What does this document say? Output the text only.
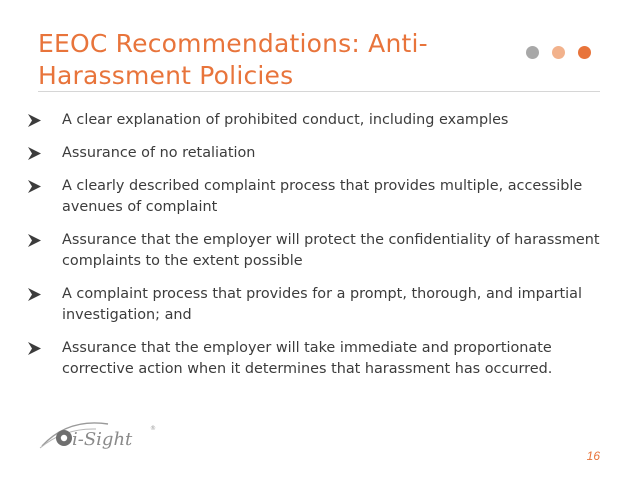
EEOC Recommendations: Anti-Harassment Policies
A clear explanation of prohibited conduct, including examples
Assurance of no retaliation
A clearly described complaint process that provides multiple, accessible avenues of complaint
Assurance that the employer will protect the confidentiality of harassment complaints to the extent possible
A complaint process that provides for a prompt, thorough, and impartial investigation; and
Assurance that the employer will take immediate and proportionate corrective action when it determines that harassment has occurred.
i-Sight
®
16
